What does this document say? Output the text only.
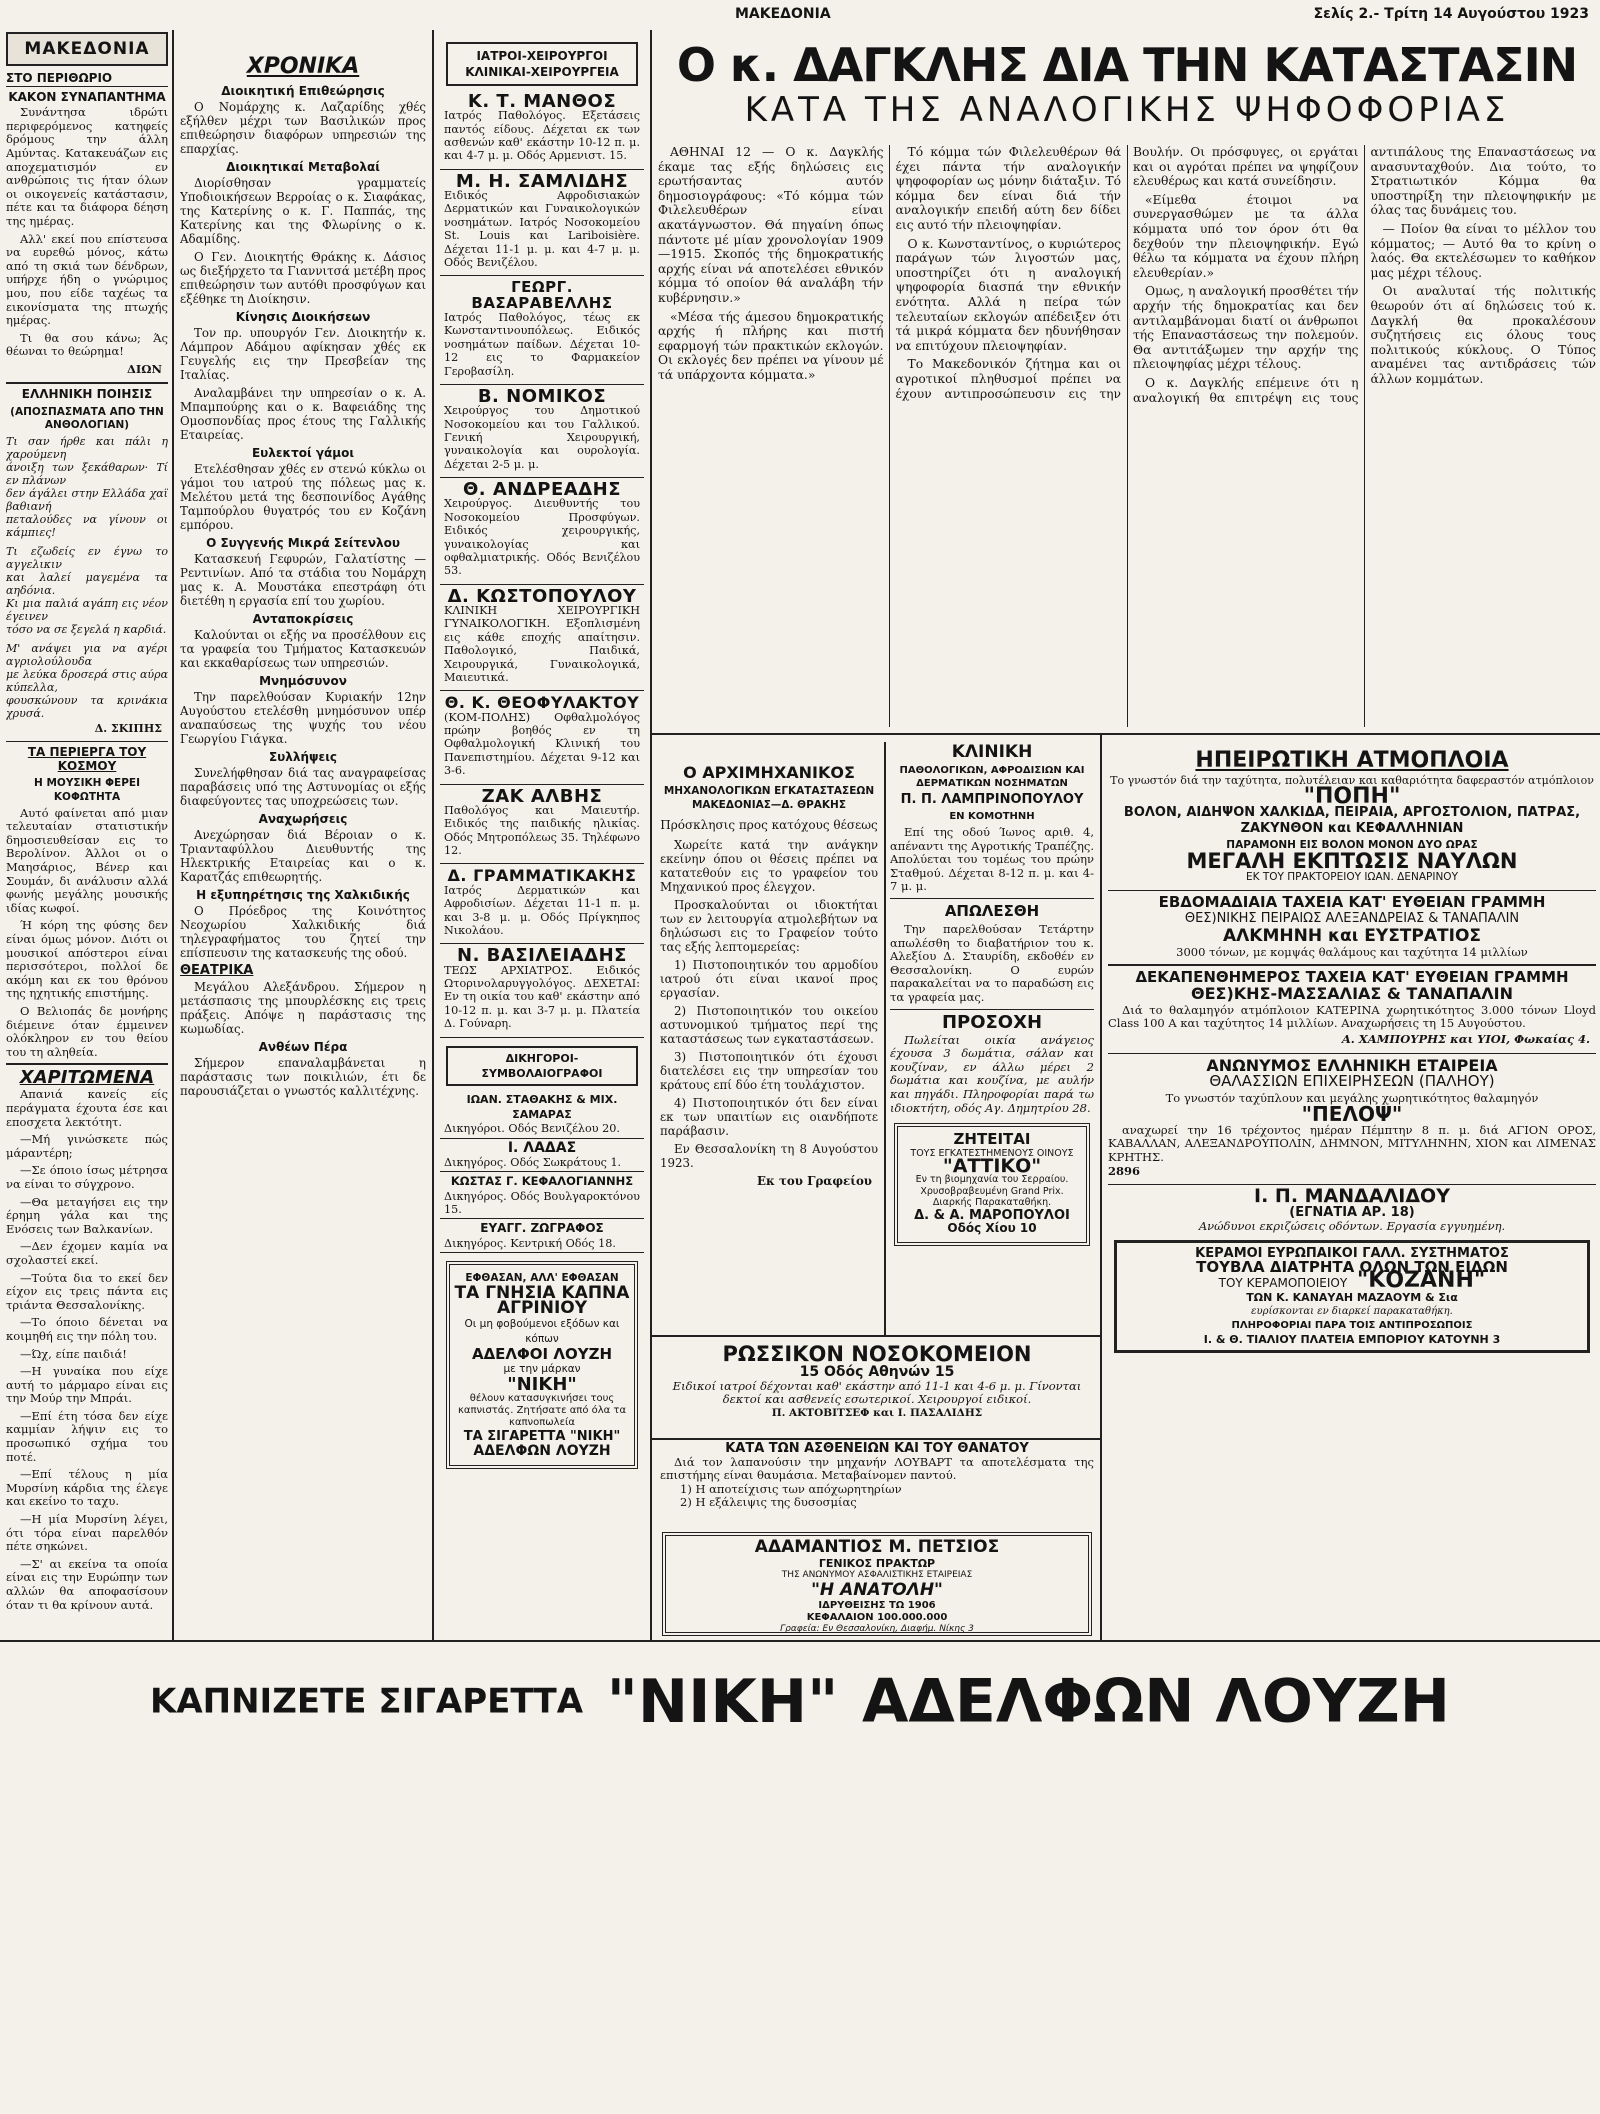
ΜΑΚΕΔΟΝΙΑ	Σελίς 2.- Τρίτη 14 Αυγούστου 1923
ΜΑΚΕΔΟΝΙΑ
ΣΤΟ ΠΕΡΙΘΩΡΙΟ
ΚΑΚΟΝ ΣΥΝΑΠΑΝΤΗΜΑ

Συνάντησα ιδρώτι περιφερόμενος κατηφείς δρόμους την άλλη Αμύντας. Κατακευάζων εις αποχεματισμόν εν ανθρώποις τις ήταν όλων οι οικογενείς κατάστασιν, πέτε και τα διάφορα δέηση της ημέρας.

Αλλ' εκεί που επίστευσα να ευρεθώ μόνος, κάτω από τη σκιά των δένδρων, υπήρχε ήδη ο γνώριμος μου, που είδε ταχέως τα εικονίσματα της πτωχής ημέρας.

Τι θα σου κάνω; Άς θέωναι το θεώρημα!

ΔΙΩΝ
ΕΛΛΗΝΙΚΗ ΠΟΙΗΣΙΣ
(ΑΠΟΣΠΑΣΜΑΤΑ ΑΠΟ ΤΗΝ ΑΝΘΟΛΟΓΙΑΝ)
Τι σαν ήρθε και πάλι η χαρούμενη
άνοιξη των ξεκάθαρων· Τί εν πλάνων
δεν άγάλει στην Ελλάδα χαϊ βαθιανή
πεταλούδες να γίνουν οι κάμπιες!
Τι εζωδείς εν έγνω το αγγελικιν
και λαλεί μαγεμένα τα αηδόνια.
Κι μια παλιά αγάπη εις νέον έγεινεν
τόσο να σε ξεγελά η καρδιά.
Μ' ανάψει για να αγέρι αγριολούλουδα
με λεύκα δροσερά στις αύρα κύπελλα,
φουσκώνουν τα κρινάκια χρυσά.
Δ. ΣΚΙΠΗΣ
ΤΑ ΠΕΡΙΕΡΓΑ ΤΟΥ ΚΟΣΜΟΥ
Η ΜΟΥΣΙΚΗ ΦΕΡΕΙ ΚΟΦΩΤΗΤΑ

Αυτό φαίνεται από μιαν τελευταίαν στατιστικήν δημοσιευθείσαν εις το Βερολίνον. Άλλοι οι ο Μαησάριος, Βένερ και Σουμάν, δι ανάλυσιν αλλά φωνής μεγάλης μουσικής ιδίας κωφοί.

Ή κόρη της φύσης δεν είναι όμως μόνον. Διότι οι μουσικοί απόστεροι είναι περισσότεροι, πολλοί δε ακόμη και εκ του θρόνου της ηχητικής επιστήμης.

Ο Βελιοπάς δε μονήρης διέμεινε όταν έμμεινεν ολόκληρον εν του θείου του τη αληθεία.

ΧΑΡΙΤΩΜΕΝΑ

Απανιά κανείς είς περάγματα έχουτα έσε και εποσχετα λεκτότητ.

—Μή γινώσκετε πώς μάραντέρη;

—Σε όποιο ίσως μέτρησα να είναι το σύγχρονο.

—Θα μεταγήσει εις την έρημη γάλα και της Ενόσεις των Βαλκανίων.

—Δεν έχομεν καμία να σχολαστεί εκεί.

—Τούτα δια το εκεί δεν είχον εις τρεις πάντα εις τριάντα Θεσσαλονίκης.

—Το όποιο δένεται να κοιμηθή εις την πόλη του.

—Ώχ, είπε παιδιά!

—Η γυναίκα που είχε αυτή το μάρμαρο είναι εις την Μούρ την Μπράι.

—Επί έτη τόσα δεν είχε καμμίαν λήψιν εις το προσωπικό σχήμα του ποτέ.

—Επί τέλους η μία Μυρσίνη κάρδια της έλεγε και εκείνο το ταχυ.

—Η μία Μυρσίνη λέγει, ότι τόρα είναι παρελθόν πέτε σηκώνει.

—Σ' αι εκείνα τα οποία είναι εις την Ευρώπην των αλλών θα αποφασίσουν όταν τι θα κρίνουν αυτά.

ΧΡΟΝΙΚΑ
Διοικητική Επιθεώρησις

Ο Νομάρχης κ. Λαζαρίδης χθές εξήλθεν μέχρι των Βασιλικών προς επιθεώρησιν διαφόρων υπηρεσιών της επαρχίας.

Διοικητικαί Μεταβολαί

Διορίσθησαν γραμματείς Υποδιοικήσεων Βερροίας ο κ. Σιαφάκας, της Κατερίνης ο κ. Γ. Παππάς, της Κατερίνης και της Φλωρίνης ο κ. Αδαμίδης.

Ο Γεν. Διοικητής Θράκης κ. Δάσιος ως διεξήρχετο τα Γιαννιτσά μετέβη προς επιθεώρησιν των αυτόθι προσφύγων και εξέθηκε τη Διοίκησιν.

Κίνησις Διοικήσεων

Τον πρ. υπουργόν Γεν. Διοικητήν κ. Λάμπρον Αδάμου αφίκησαν χθές εκ Γευγελής εις την Πρεσβείαν της Ιταλίας.

Αναλαμβάνει την υπηρεσίαν ο κ. Α. Μπαμπούρης και ο κ. Βαφειάδης της Ομοσπονδίας προς έτους της Γαλλικής Εταιρείας.

Ευλεκτοί γάμοι

Ετελέσθησαν χθές εν στενώ κύκλω οι γάμοι του ιατρού της πόλεως μας κ. Μελέτου μετά της δεσποινίδος Αγάθης Ταμπούρλου θυγατρός του εν Κοζάνη εμπόρου.

Ο Συγγενής Μικρά Σείτενλου

Κατασκευή Γεφυρών, Γαλατίστης — Ρεντινίων. Από τα στάδια του Νομάρχη μας κ. Α. Μουστάκα επεστράφη ότι διετέθη η εργασία επί του χωρίου.

Ανταποκρίσεις

Καλούνται οι εξής να προσέλθουν εις τα γραφεία του Τμήματος Κατασκευών και εκκαθαρίσεως των υπηρεσιών.

Μνημόσυνον

Την παρελθούσαν Κυριακήν 12ην Αυγούστου ετελέσθη μνημόσυνον υπέρ αναπαύσεως της ψυχής του νέου Γεωργίου Γιάγκα.

Συλλήψεις

Συνελήφθησαν διά τας αναγραφείσας παραβάσεις υπό της Αστυνομίας οι εξής διαφεύγοντες τας υποχρεώσεις των.

Αναχωρήσεις

Ανεχώρησαν διά Βέροιαν ο κ. Τριανταφύλλου Διευθυντής της Ηλεκτρικής Εταιρείας και ο κ. Καρατζάς επιθεωρητής.

Η εξυπηρέτησις της Χαλκιδικής

Ο Πρόεδρος της Κοινότητος Νεοχωρίου Χαλκιδικής διά τηλεγραφήματος του ζητεί την επίσπευσιν της κατασκευής της οδού.

ΘΕΑΤΡΙΚΑ

Μεγάλου Αλεξάνδρου. Σήμερον η μετάσπασις της μπουρλέσκης εις τρεις πράξεις. Απόψε η παράστασις της κωμωδίας.

Ανθέων Πέρα

Σήμερον επαναλαμβάνεται η παράστασις των ποικιλιών, έτι δε παρουσιάζεται ο γνωστός καλλιτέχνης.

ΙΑΤΡΟΙ-ΧΕΙΡΟΥΡΓΟΙ ΚΛΙΝΙΚΑΙ-ΧΕΙΡΟΥΡΓΕΙΑ
Κ. Τ. ΜΑΝΘΟΣ
Ιατρός Παθολόγος. Εξετάσεις παντός είδους. Δέχεται εκ των ασθενών καθ' εκάστην 10-12 π. μ. και 4-7 μ. μ. Οδός Αρμενιστ. 15.
Μ. Η. ΣΑΜΛΙΔΗΣ
Ειδικός Αφροδισιακών Δερματικών και Γυναικολογικών νοσημάτων. Ιατρός Νοσοκομείου St. Louis και Lariboisière. Δέχεται 11-1 μ. μ. και 4-7 μ. μ. Οδός Βενιζέλου.
ΓΕΩΡΓ. ΒΑΣΑΡΑΒΕΛΛΗΣ
Ιατρός Παθολόγος, τέως εκ Κωνσταντινουπόλεως. Ειδικός νοσημάτων παίδων. Δέχεται 10-12 εις το Φαρμακείον Γεροβασίλη.
Β. ΝΟΜΙΚΟΣ
Χειρούργος του Δημοτικού Νοσοκομείου και του Γαλλικού. Γενική Χειρουργική, γυναικολογία και ουρολογία. Δέχεται 2-5 μ. μ.
Θ. ΑΝΔΡΕΑΔΗΣ
Χειρούργος. Διευθυντής του Νοσοκομείου Προσφύγων. Ειδικός χειρουργικής, γυναικολογίας και οφθαλμιατρικής. Οδός Βενιζέλου 53.
Δ. ΚΩΣΤΟΠΟΥΛΟΥ
ΚΛΙΝΙΚΗ ΧΕΙΡΟΥΡΓΙΚΗ ΓΥΝΑΙΚΟΛΟΓΙΚΗ. Εξοπλισμένη εις κάθε εποχής απαίτησιν. Παθολογικό, Παιδικά, Χειρουργικά, Γυναικολογικά, Μαιευτικά.
Θ. Κ. ΘΕΟΦΥΛΑΚΤΟΥ
(ΚΟΜ-ΠΟΛΗΣ) Οφθαλμολόγος πρώην βοηθός εν τη Οφθαλμολογική Κλινική του Πανεπιστημίου. Δέχεται 9-12 και 3-6.
ΖΑΚ ΑΛΒΗΣ
Παθολόγος και Μαιευτήρ. Ειδικός της παιδικής ηλικίας. Οδός Μητροπόλεως 35. Τηλέφωνο 12.
Δ. ΓΡΑΜΜΑΤΙΚΑΚΗΣ
Ιατρός Δερματικών και Αφροδισίων. Δέχεται 11-1 π. μ. και 3-8 μ. μ. Οδός Πρίγκηπος Νικολάου.
Ν. ΒΑΣΙΛΕΙΑΔΗΣ
ΤΕΩΣ ΑΡΧΙΑΤΡΟΣ. Ειδικός Ωτορινολαρυγγολόγος. ΔΕΧΕΤΑΙ: Εν τη οικία του καθ' εκάστην από 10-12 π. μ. και 3-7 μ. μ. Πλατεία Δ. Γούναρη.
ΔΙΚΗΓΟΡΟΙ-ΣΥΜΒΟΛΑΙΟΓΡΑΦΟΙ
ΙΩΑΝ. ΣΤΑΘΑΚΗΣ & ΜΙΧ. ΣΑΜΑΡΑΣ
Δικηγόροι. Οδός Βενιζέλου 20.
Ι. ΛΑΔΑΣ
Δικηγόρος. Οδός Σωκράτους 1.
ΚΩΣΤΑΣ Γ. ΚΕΦΑΛΟΓΙΑΝΝΗΣ
Δικηγόρος. Οδός Βουλγαροκτόνου 15.
ΕΥΑΓΓ. ΖΩΓΡΑΦΟΣ
Δικηγόρος. Κεντρική Οδός 18.
ΕΦΘΑΣΑΝ, ΑΛΛ' ΕΦΘΑΣΑΝ
ΤΑ ΓΝΗΣΙΑ ΚΑΠΝΑ
ΑΓΡΙΝΙΟΥ
Οι μη φοβούμενοι εξόδων και κόπων
ΑΔΕΛΦΟΙ ΛΟΥΖΗ
με την μάρκαν
"ΝΙΚΗ"
θέλουν κατασυγκινήσει τους καπνιστάς. Ζητήσατε από όλα τα καπνοπωλεία
ΤΑ ΣΙΓΑΡΕΤΤΑ "ΝΙΚΗ"
ΑΔΕΛΦΩΝ ΛΟΥΖΗ
Ο κ. ΔΑΓΚΛΗΣ ΔΙΑ ΤΗΝ ΚΑΤΑΣΤΑΣΙΝ
ΚΑΤΑ ΤΗΣ ΑΝΑΛΟΓΙΚΗΣ ΨΗΦΟΦΟΡΙΑΣ

ΑΘΗΝΑΙ 12 — Ο κ. Δαγκλής έκαμε τας εξής δηλώσεις εις ερωτήσαντας αυτόν δημοσιογράφους: «Τό κόμμα τών Φιλελευθέρων είναι ακατάγνωστον. Θά πηγαίνη όπως πάντοτε μέ μίαν χρονολογίαν 1909—1915. Σκοπός τής δημοκρατικής αρχής είναι νά αποτελέσει εθνικόν κόμμα τό οποίον θά αναλάβη τήν κυβέρνησιν.»

«Μέσα τής άμεσου δημοκρατικής αρχής ή πλήρης και πιστή εφαρμογή τών πρακτικών εκλογών. Οι εκλογές δεν πρέπει να γίνουν μέ τά υπάρχοντα κόμματα.»

Τό κόμμα τών Φιλελευθέρων θά έχει πάντα τήν αναλογικήν ψηφοφορίαν ως μόνην διάταξιν. Τό κόμμα δεν είναι διά τήν αναλογικήν επειδή αύτη δεν δίδει εις αυτό τήν πλειοψηφίαν.

Ο κ. Κωνσταντίνος, ο κυριώτερος παράγων τών λιγοστών μας, υποστηρίζει ότι η αναλογική ψηφοφορία διασπά την εθνικήν ενότητα. Αλλά η πείρα τών τελευταίων εκλογών απέδειξεν ότι τά μικρά κόμματα δεν ηδυνήθησαν να επιτύχουν πλειοψηφίαν.

Το Μακεδονικόν ζήτημα και οι αγροτικοί πληθυσμοί πρέπει να έχουν αντιπροσώπευσιν εις την Βουλήν. Οι πρόσφυγες, οι εργάται και οι αγρόται πρέπει να ψηφίζουν ελευθέρως και κατά συνείδησιν.

«Είμεθα έτοιμοι να συνεργασθώμεν με τα άλλα κόμματα υπό τον όρον ότι θα δεχθούν την πλειοψηφικήν. Εγώ θέλω τα κόμματα να έχουν πλήρη ελευθερίαν.»

Ομως, η αναλογική προσθέτει τήν αρχήν τής δημοκρατίας και δεν αντιλαμβάνομαι διατί οι άνθρωποι τής Επαναστάσεως την πολεμούν. Θα αντιτάξωμεν την αρχήν της πλειοψηφίας μέχρι τέλους.

Ο κ. Δαγκλής επέμεινε ότι η αναλογική θα επιτρέψη εις τους αντιπάλους της Επαναστάσεως να ανασυνταχθούν. Δια τούτο, το Στρατιωτικόν Κόμμα θα υποστηρίξη την πλειοψηφικήν με όλας τας δυνάμεις του.

— Ποίον θα είναι το μέλλον του κόμματος; — Αυτό θα το κρίνη ο λαός. Θα εκτελέσωμεν το καθήκον μας μέχρι τέλους.

Οι αναλυταί τής πολιτικής θεωρούν ότι αί δηλώσεις τού κ. Δαγκλή θα προκαλέσουν συζητήσεις εις όλους τους πολιτικούς κύκλους. Ο Τύπος αναμένει τας αντιδράσεις τών άλλων κομμάτων.

Ο ΑΡΧΙΜΗΧΑΝΙΚΟΣ
ΜΗΧΑΝΟΛΟΓΙΚΩΝ ΕΓΚΑΤΑΣΤΑΣΕΩΝ ΜΑΚΕΔΟΝΙΑΣ—Δ. ΘΡΑΚΗΣ
Πρόσκλησις προς κατόχους θέσεως

Χωρείτε κατά την ανάγκην εκείνην όπου οι θέσεις πρέπει να κατατεθούν εις το γραφείον του Μηχανικού προς έλεγχον.

Προσκαλούνται οι ιδιοκτήται των εν λειτουργία ατμολεβήτων να δηλώσωσι εις το Γραφείον τούτο τας εξής λεπτομερείας:

1) Πιστοποιητικόν του αρμοδίου ιατρού ότι είναι ικανοί προς εργασίαν.

2) Πιστοποιητικόν του οικείου αστυνομικού τμήματος περί της καταστάσεως των εγκαταστάσεων.

3) Πιστοποιητικόν ότι έχουσι διατελέσει εις την υπηρεσίαν του κράτους επί δύο έτη τουλάχιστον.

4) Πιστοποιητικόν ότι δεν είναι εκ των υπαιτίων εις οιανδήποτε παράβασιν.

Εν Θεσσαλονίκη τη 8 Αυγούστου 1923.

Εκ του Γραφείου
ΚΛΙΝΙΚΗ
ΠΑΘΟΛΟΓΙΚΩΝ, ΑΦΡΟΔΙΣΙΩΝ ΚΑΙ ΔΕΡΜΑΤΙΚΩΝ ΝΟΣΗΜΑΤΩΝ
Π. Π. ΛΑΜΠΡΙΝΟΠΟΥΛΟΥ
ΕΝ ΚΟΜΟΤΗΝΗ

Επί της οδού Ίωνος αριθ. 4, απέναντι της Αγροτικής Τραπέζης. Απολύεται του τομέως του πρώην Σταθμού. Δέχεται 8-12 π. μ. και 4-7 μ. μ.

ΑΠΩΛΕΣΘΗ

Την παρελθούσαν Τετάρτην απωλέσθη το διαβατήριον του κ. Αλεξίου Δ. Σταυρίδη, εκδοθέν εν Θεσσαλονίκη. Ο ευρών παρακαλείται να το παραδώση εις τα γραφεία μας.

ΠΡΟΣΟΧΗ

Πωλείται οικία ανάγειος έχουσα 3 δωμάτια, σάλαν και κουζίναν, εν άλλω μέρει 2 δωμάτια και κουζίνα, με αυλήν και πηγάδι. Πληροφορίαι παρά τω ιδιοκτήτη, οδός Αγ. Δημητρίου 28.

ΖΗΤΕΙΤΑΙ
ΤΟΥΣ ΕΓΚΑΤΕΣΤΗΜΕΝΟΥΣ ΟΙΝΟΥΣ
"ΑΤΤΙΚΟ"
Εν τη βιομηχανία του Σερραίου. Χρυσοβραβευμένη Grand Prix. Διαρκής Παρακαταθήκη.
Δ. & Α. ΜΑΡΟΠΟΥΛΟΙ
Οδός Χίου 10
ΡΩΣΣΙΚΟΝ ΝΟΣΟΚΟΜΕΙΟΝ
15 Οδός Αθηνών 15
Ειδικοί ιατροί δέχονται καθ' εκάστην από 11-1 και 4-6 μ. μ. Γίνονται δεκτοί και ασθενείς εσωτερικοί. Χειρουργοί ειδικοί.
Π. ΑΚΤΟΒΙΤΣΕΦ και Ι. ΠΑΣΑΛΙΔΗΣ
ΚΑΤΑ ΤΩΝ ΑΣΘΕΝΕΙΩΝ ΚΑΙ ΤΟΥ ΘΑΝΑΤΟΥ
Διά τον λαπανούσιν την μηχανήν ΛΟΥΒΑΡΤ τα αποτελέσματα της επιστήμης είναι θαυμάσια. Μεταβαίνομεν παντού.
1) Η αποτείχισις των απόχωρητηρίων
2) Η εξάλειψις της δυσοσμίας
ΑΔΑΜΑΝΤΙΟΣ Μ. ΠΕΤΣΙΟΣ
ΓΕΝΙΚΟΣ ΠΡΑΚΤΩΡ
ΤΗΣ ΑΝΩΝΥΜΟΥ ΑΣΦΑΛΙΣΤΙΚΗΣ ΕΤΑΙΡΕΙΑΣ
"Η ΑΝΑΤΟΛΗ"
ΙΔΡΥΘΕΙΣΗΣ ΤΩ 1906
ΚΕΦΑΛΑΙΟΝ 100.000.000
Γραφεία: Εν Θεσσαλονίκη, Διαφήμ. Νίκης 3
ΗΠΕΙΡΩΤΙΚΗ ΑΤΜΟΠΛΟΙΑ
Το γνωστόν διά την ταχύτητα, πολυτέλειαν και καθαριότητα δαφεραστόν ατμόπλοιον
"ΠΟΠΗ"
ΒΟΛΟΝ, ΑΙΔΗΨΟΝ ΧΑΛΚΙΔΑ, ΠΕΙΡΑΙΑ, ΑΡΓΟΣΤΟΛΙΟΝ, ΠΑΤΡΑΣ, ΖΑΚΥΝΘΟΝ και ΚΕΦΑΛΛΗΝΙΑΝ
ΠΑΡΑΜΟΝΗ ΕΙΣ ΒΟΛΟΝ ΜΟΝΟΝ ΔΥΟ ΩΡΑΣ
ΜΕΓΑΛΗ ΕΚΠΤΩΣΙΣ ΝΑΥΛΩΝ
ΕΚ ΤΟΥ ΠΡΑΚΤΟΡΕΙΟΥ ΙΩΑΝ. ΔΕΝΑΡΙΝΟΥ
ΕΒΔΟΜΑΔΙΑΙΑ ΤΑΧΕΙΑ ΚΑΤ' ΕΥΘΕΙΑΝ ΓΡΑΜΜΗ
ΘΕΣ)ΝΙΚΗΣ ΠΕΙΡΑΙΩΣ ΑΛΕΞΑΝΔΡΕΙΑΣ & ΤΑΝΑΠΑΛΙΝ
ΑΛΚΜΗΝΗ και ΕΥΣΤΡΑΤΙΟΣ
3000 τόνων, με κομψάς θαλάμους και ταχύτητα 14 μιλλίων
ΔΕΚΑΠΕΝΘΗΜΕΡΟΣ ΤΑΧΕΙΑ ΚΑΤ' ΕΥΘΕΙΑΝ ΓΡΑΜΜΗ
ΘΕΣ)ΚΗΣ-ΜΑΣΣΑΛΙΑΣ & ΤΑΝΑΠΑΛΙΝ
Διά το θαλαμηγόν ατμόπλοιον ΚΑΤΕΡΙΝΑ χωρητικότητος 3.000 τόνων Lloyd Class 100 A και ταχύτητος 14 μιλλίων. Αναχωρήσεις τη 15 Αυγούστου.
Α. ΧΑΜΠΟΥΡΗΣ και ΥΙΟΙ, Φωκαίας 4.
ΑΝΩΝΥΜΟΣ ΕΛΛΗΝΙΚΗ ΕΤΑΙΡΕΙΑ
ΘΑΛΑΣΣΙΩΝ ΕΠΙΧΕΙΡΗΣΕΩΝ (ΠΑΛΗΟΥ)
Το γνωστόν ταχύπλουν και μεγάλης χωρητικότητος θαλαμηγόν
"ΠΕΛΟΨ"
αναχωρεί την 16 τρέχοντος ημέραν Πέμπτην 8 π. μ. διά ΑΓΙΟΝ ΟΡΟΣ, ΚΑΒΑΛΛΑΝ, ΑΛΕΞΑΝΔΡΟΥΠΟΛΙΝ, ΔΗΜΝΟΝ, ΜΙΤΥΛΗΝΗΝ, ΧΙΟΝ και ΛΙΜΕΝΑΣ ΚΡΗΤΗΣ.
2896
Ι. Π. ΜΑΝΔΑΛΙΔΟΥ
(ΕΓΝΑΤΙΑ ΑΡ. 18)
Ανώδυνοι εκριζώσεις οδόντων. Εργασία εγγυημένη.
ΚΕΡΑΜΟΙ ΕΥΡΩΠΑΙΚΟΙ ΓΑΛΛ. ΣΥΣΤΗΜΑΤΟΣ
ΤΟΥΒΛΑ ΔΙΑΤΡΗΤΑ ΟΛΩΝ ΤΩΝ ΕΙΔΩΝ
ΤΟΥ ΚΕΡΑΜΟΠΟΙΕΙΟΥ "ΚΟΖΑΝΗ"
ΤΩΝ Κ. ΚΑΝΑΥΑΗ ΜΑΖΑΟΥΜ & Σια
ευρίσκονται εν διαρκεί παρακαταθήκη.
ΠΛΗΡΟΦΟΡΙΑΙ ΠΑΡΑ ΤΟΙΣ ΑΝΤΙΠΡΟΣΩΠΟΙΣ
Ι. & Θ. ΤΙΑΛΙΟΥ ΠΛΑΤΕΙΑ ΕΜΠΟΡΙΟΥ ΚΑΤΟΥΝΗ 3
ΚΑΠΝΙΖΕΤΕ ΣΙΓΑΡΕΤΤΑ "ΝΙΚΗ" ΑΔΕΛΦΩΝ ΛΟΥΖΗ
